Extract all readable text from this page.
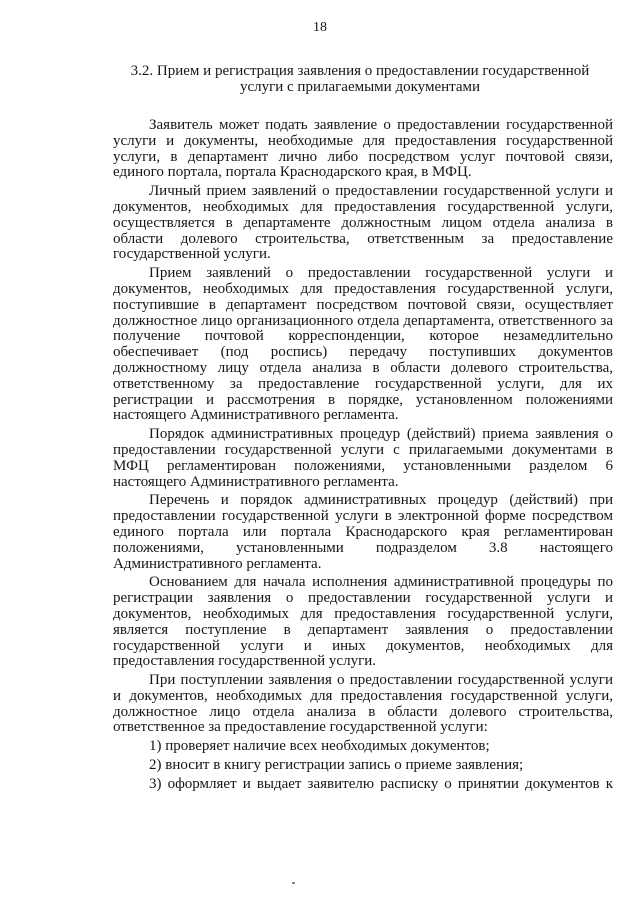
18
3.2. Прием и регистрация заявления о предоставлении государственной
услуги с прилагаемыми документами
Заявитель может подать заявление о предоставлении государственной
услуги и документы, необходимые для предоставления государственной
услуги, в департамент лично либо посредством услуг почтовой связи,
единого портала, портала Краснодарского края, в МФЦ.
Личный прием заявлений о предоставлении государственной услуги и
документов, необходимых для предоставления государственной услуги,
осуществляется в департаменте должностным лицом отдела анализа в
области долевого строительства, ответственным за предоставление
государственной услуги.
Прием заявлений о предоставлении государственной услуги и
документов, необходимых для предоставления государственной услуги,
поступившие в департамент посредством почтовой связи, осуществляет
должностное лицо организационного отдела департамента, ответственного за
получение почтовой корреспонденции, которое незамедлительно
обеспечивает (под роспись) передачу поступивших документов
должностному лицу отдела анализа в области долевого строительства,
ответственному за предоставление государственной услуги, для их
регистрации и рассмотрения в порядке, установленном положениями
настоящего Административного регламента.
Порядок административных процедур (действий) приема заявления о
предоставлении государственной услуги с прилагаемыми документами в
МФЦ регламентирован положениями, установленными разделом 6
настоящего Административного регламента.
Перечень и порядок административных процедур (действий) при
предоставлении государственной услуги в электронной форме посредством
единого портала или портала Краснодарского края регламентирован
положениями, установленными подразделом 3.8 настоящего
Административного регламента.
Основанием для начала исполнения административной процедуры по
регистрации заявления о предоставлении государственной услуги и
документов, необходимых для предоставления государственной услуги,
является поступление в департамент заявления о предоставлении
государственной услуги и иных документов, необходимых для
предоставления государственной услуги.
При поступлении заявления о предоставлении государственной услуги
и документов, необходимых для предоставления государственной услуги,
должностное лицо отдела анализа в области долевого строительства,
ответственное за предоставление государственной услуги:
1) проверяет наличие всех необходимых документов;
2) вносит в книгу регистрации запись о приеме заявления;
3) оформляет и выдает заявителю расписку о принятии документов к
